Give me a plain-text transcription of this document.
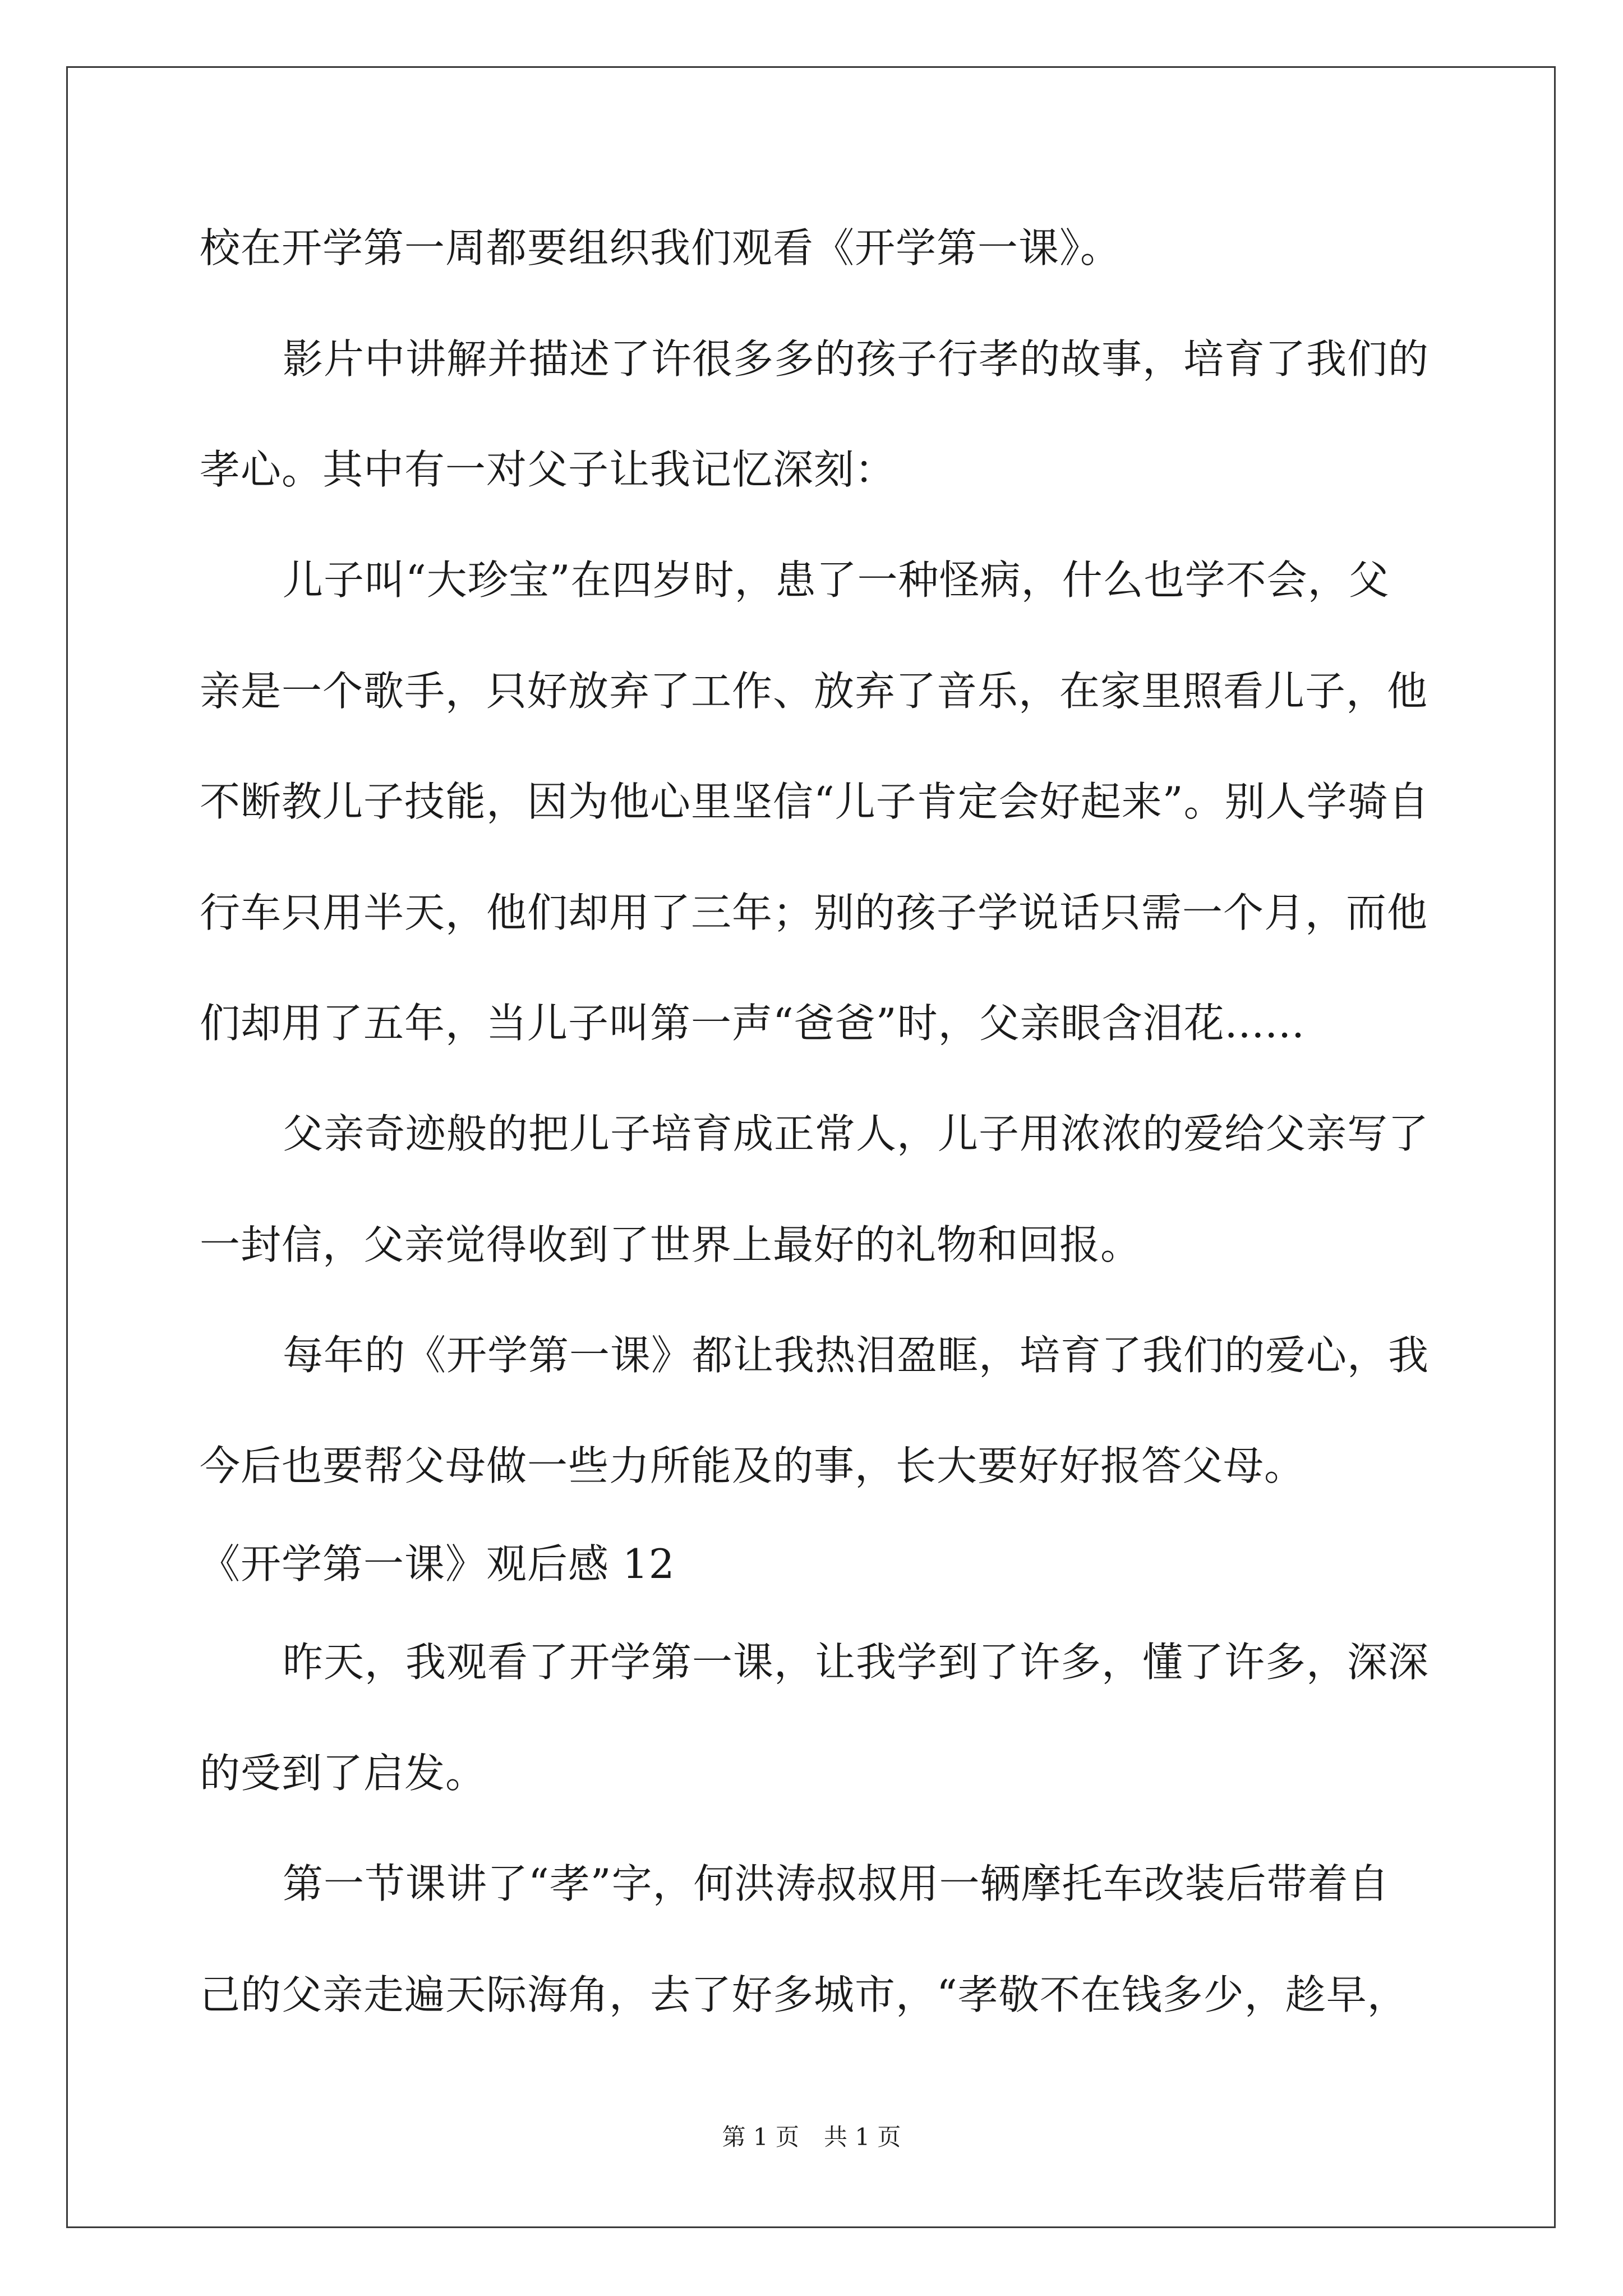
校在开学第一周都要组织我们观看《开学第一课》。
影片中讲解并描述了许很多多的孩子行孝的故事，培育了我们的
孝心。其中有一对父子让我记忆深刻：
儿子叫“大珍宝”在四岁时，患了一种怪病，什么也学不会，父
亲是一个歌手，只好放弃了工作、放弃了音乐，在家里照看儿子，他
不断教儿子技能，因为他心里坚信“儿子肯定会好起来”。别人学骑自
行车只用半天，他们却用了三年；别的孩子学说话只需一个月，而他
们却用了五年，当儿子叫第一声“爸爸”时，父亲眼含泪花......
父亲奇迹般的把儿子培育成正常人，儿子用浓浓的爱给父亲写了
一封信，父亲觉得收到了世界上最好的礼物和回报。
每年的《开学第一课》都让我热泪盈眶，培育了我们的爱心，我
今后也要帮父母做一些力所能及的事，长大要好好报答父母。
《开学第一课》观后感 12
昨天，我观看了开学第一课，让我学到了许多，懂了许多，深深
的受到了启发。
第一节课讲了“孝”字，何洪涛叔叔用一辆摩托车改装后带着自
己的父亲走遍天际海角，去了好多城市，“孝敬不在钱多少，趁早，
第 1 页 共 1 页
